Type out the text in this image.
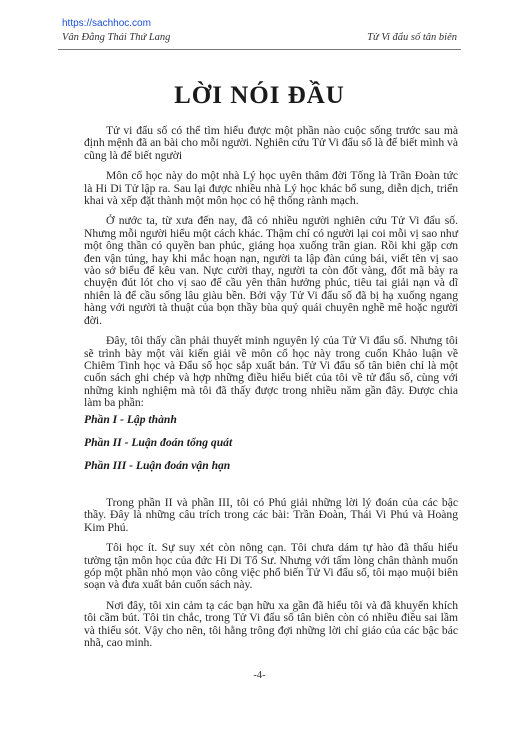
https://sachhoc.com
Vân Đằng Thái Thứ Lang	Tử Vi đẩu số tân biên
LỜI NÓI ĐẦU

Tử vi đẩu số có thể tìm hiểu được một phần nào cuộc sống trước sau mà định mệnh đã an bài cho mỗi người. Nghiên cứu Tử Vi đẩu số là để biết mình và cũng là để biết người

Môn cổ học này do một nhà Lý học uyên thâm đời Tống là Trần Đoàn tức là Hi Di Tử lập ra. Sau lại được nhiều nhà Lý học khác bổ sung, diễn dịch, triển khai và xếp đặt thành một môn học có hệ thống rành mạch.

Ở nước ta, từ xưa đến nay, đã có nhiều người nghiên cứu Tử Vi đẩu số. Nhưng mỗi người hiểu một cách khác. Thậm chí có người lại coi mỗi vị sao như một ông thần có quyền ban phúc, giáng họa xuống trần gian. Rồi khi gặp cơn đen vận túng, hay khi mắc hoạn nạn, người ta lập đàn cúng bái, viết tên vị sao vào sớ biểu để kêu van. Nực cười thay, người ta còn đốt vàng, đốt mã bày ra chuyện đút lót cho vị sao để cầu yên thân hưởng phúc, tiêu tai giải nạn và dĩ nhiên là để cầu sống lâu giàu bền. Bởi vậy Tử Vi đẩu số đã bị hạ xuống ngang hàng với người tà thuật của bọn thầy bùa quỷ quái chuyên nghề mê hoặc người đời.

Đây, tôi thấy cần phải thuyết minh nguyên lý của Tử Vi đẩu số. Nhưng tôi sẽ trình bày một vài kiến giải về môn cổ học này trong cuốn Khảo luận về Chiêm Tinh học và Đẩu số học sắp xuất bản. Tử Vi đẩu số tân biên chỉ là một cuốn sách ghi chép và hợp những điều hiểu biết của tôi về tử đẩu số, cùng với những kinh nghiệm mà tôi đã thấy được trong nhiều năm gần đây. Được chia làm ba phần:

Phần I - Lập thành
Phần II - Luận đoán tổng quát
Phần III - Luận đoán vận hạn

Trong phần II và phần III, tôi có Phú giải những lời lý đoán của các bậc thầy. Đây là những câu trích trong các bài: Trần Đoàn, Thái Vi Phú và Hoàng Kim Phú.

Tôi học ít. Sự suy xét còn nông cạn. Tôi chưa dám tự hào đã thấu hiểu tường tận môn học của đức Hi Di Tổ Sư. Nhưng với tấm lòng chân thành muốn góp một phần nhỏ mọn vào công việc phổ biến Tử Vi đẩu số, tôi mạo muội biên soạn và đưa xuất bản cuốn sách này.

Nơi đây, tôi xin cảm tạ các bạn hữu xa gần đã hiểu tôi và đã khuyến khích tôi cầm bút. Tôi tin chắc, trong Tử Vi đẩu số tân biên còn có nhiều điều sai lầm và thiếu sót. Vậy cho nên, tôi hằng trông đợi những lời chỉ giáo của các bậc bác nhã, cao minh.

-4-
